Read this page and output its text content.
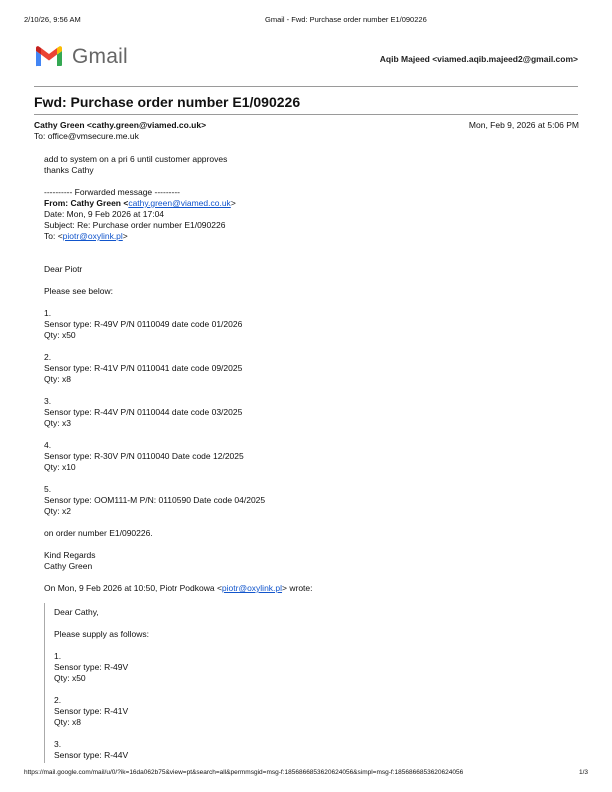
2/10/26, 9:56 AM	Gmail - Fwd: Purchase order number E1/090226
Gmail	Aqib Majeed <viamed.aqib.majeed2@gmail.com>
Fwd: Purchase order number E1/090226
Cathy Green <cathy.green@viamed.co.uk>	Mon, Feb 9, 2026 at 5:06 PM
To: office@vmsecure.me.uk

add to system on a pri 6 until customer approves

thanks Cathy

---------- Forwarded message ---------

From: Cathy Green <cathy.green@viamed.co.uk>

Date: Mon, 9 Feb 2026 at 17:04

Subject: Re: Purchase order number E1/090226

To: <piotr@oxylink.pl>

Dear Piotr

Please see below:

1.

Sensor type: R-49V P/N 0110049 date code 01/2026

Qty: x50

2.

Sensor type: R-41V P/N 0110041 date code 09/2025

Qty: x8

3.

Sensor type: R-44V P/N 0110044 date code 03/2025

Qty: x3

4.

Sensor type: R-30V P/N 0110040 Date code 12/2025

Qty: x10

5.

Sensor type: OOM111-M P/N: 0110590 Date code 04/2025

Qty: x2

on order number E1/090226.

Kind Regards

Cathy Green

On Mon, 9 Feb 2026 at 10:50, Piotr Podkowa <piotr@oxylink.pl> wrote:

Dear Cathy,

Please supply as follows:

1.

Sensor type: R-49V

Qty: x50

2.

Sensor type: R-41V

Qty: x8

3.

Sensor type: R-44V

https://mail.google.com/mail/u/0/?ik=16da062b75&view=pt&search=all&permmsgid=msg-f:1856866853620624056&simpl=msg-f:1856866853620624056	1/3
